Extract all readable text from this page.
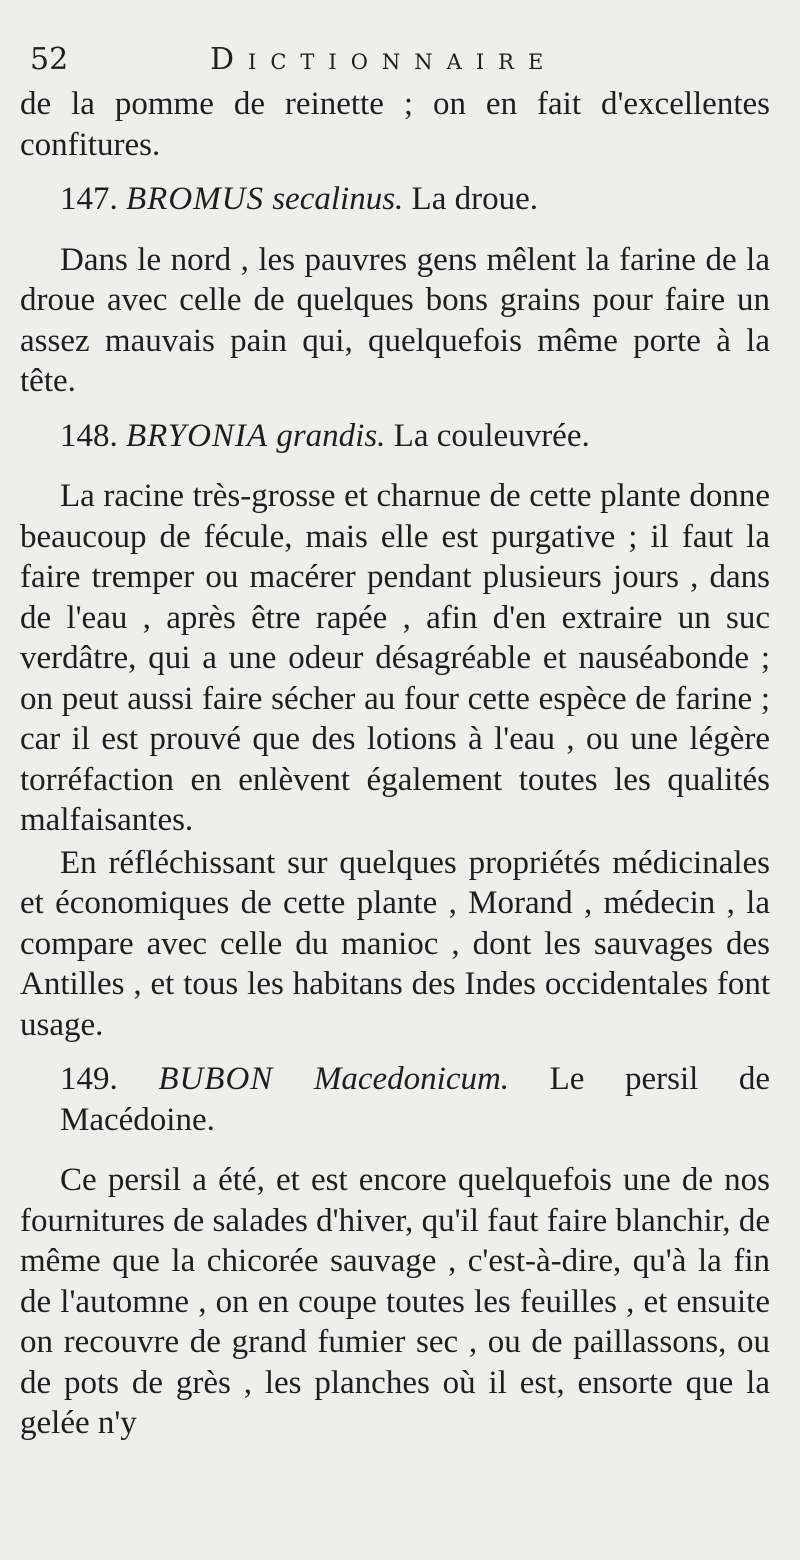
52	Dictionnaire

de la pomme de reinette ; on en fait d'excellentes confitures.

147. BROMUS secalinus. La droue.

Dans le nord , les pauvres gens mêlent la farine de la droue avec celle de quelques bons grains pour faire un assez mauvais pain qui, quelquefois même porte à la tête.

148. BRYONIA grandis. La couleuvrée.

La racine très-grosse et charnue de cette plante donne beaucoup de fécule, mais elle est purgative ; il faut la faire tremper ou macérer pendant plusieurs jours , dans de l'eau , après être rapée , afin d'en extraire un suc verdâtre, qui a une odeur désagréable et nauséabonde ; on peut aussi faire sécher au four cette espèce de farine ; car il est prouvé que des lotions à l'eau , ou une légère torréfaction en enlèvent également toutes les qualités malfaisantes.

En réfléchissant sur quelques propriétés médicinales et économiques de cette plante , Morand , médecin , la compare avec celle du manioc , dont les sauvages des Antilles , et tous les habitans des Indes occidentales font usage.

149. BUBON Macedonicum. Le persil de Macédoine.

Ce persil a été, et est encore quelquefois une de nos fournitures de salades d'hiver, qu'il faut faire blanchir, de même que la chicorée sauvage , c'est-à-dire, qu'à la fin de l'automne , on en coupe toutes les feuilles , et ensuite on recouvre de grand fumier sec , ou de paillassons, ou de pots de grès , les planches où il est, ensorte que la gelée n'y
